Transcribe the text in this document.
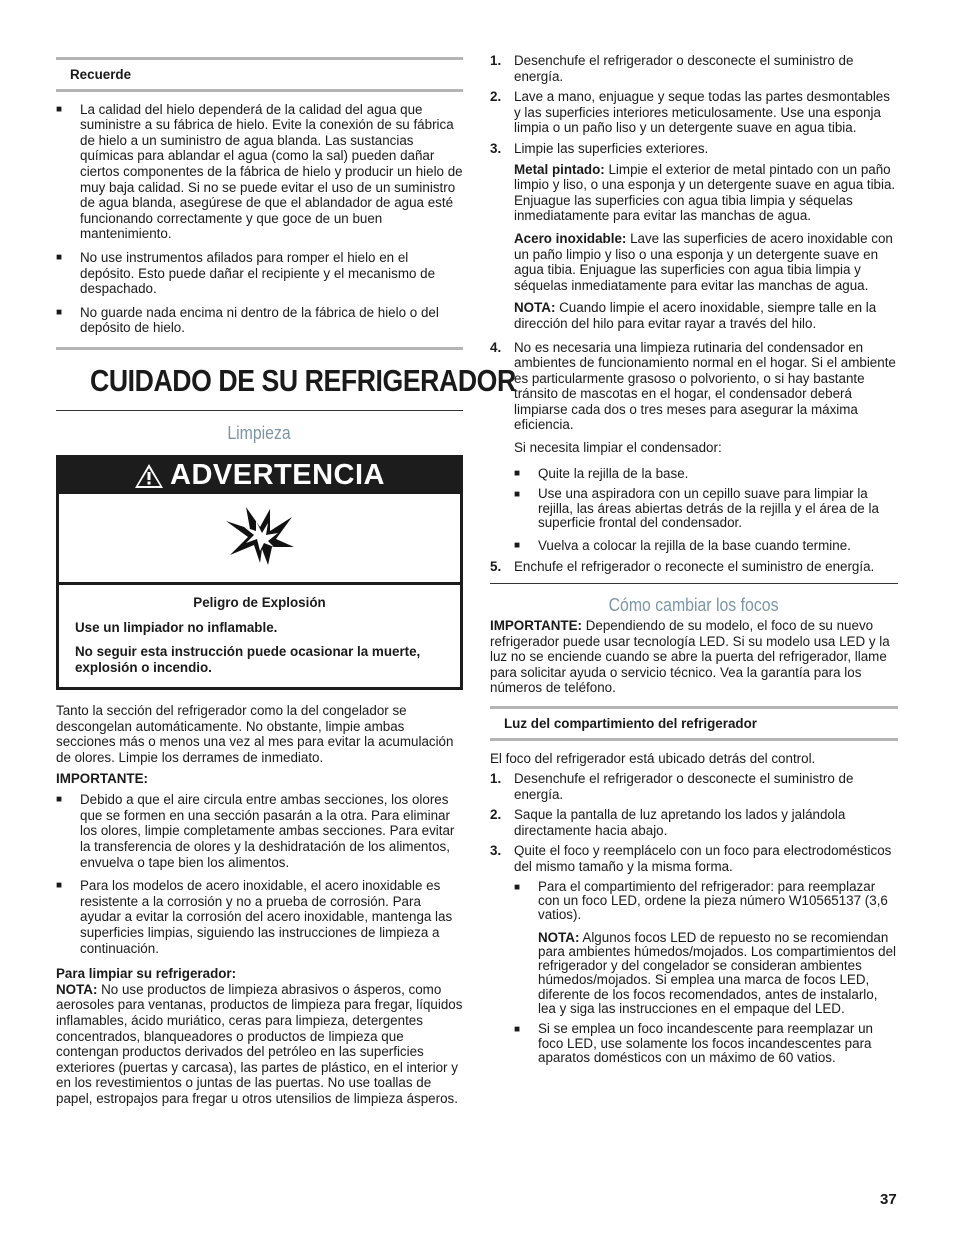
Recuerde
■	La calidad del hielo dependerá de la calidad del agua que suministre a su fábrica de hielo. Evite la conexión de su fábrica de hielo a un suministro de agua blanda. Las sustancias químicas para ablandar el agua (como la sal) pueden dañar ciertos componentes de la fábrica de hielo y producir un hielo de muy baja calidad. Si no se puede evitar el uso de un suministro de agua blanda, asegúrese de que el ablandador de agua esté funcionando correctamente y que goce de un buen mantenimiento.
■	No use instrumentos afilados para romper el hielo en el depósito. Esto puede dañar el recipiente y el mecanismo de despachado.
■	No guarde nada encima ni dentro de la fábrica de hielo o del depósito de hielo.
CUIDADO DE SU REFRIGERADOR
Limpieza
ADVERTENCIA

Peligro de Explosión

Use un limpiador no inflamable.

No seguir esta instrucción puede ocasionar la muerte, explosión o incendio.

Tanto la sección del refrigerador como la del congelador se descongelan automáticamente. No obstante, limpie ambas secciones más o menos una vez al mes para evitar la acumulación de olores. Limpie los derrames de inmediato.

IMPORTANTE:

■	Debido a que el aire circula entre ambas secciones, los olores que se formen en una sección pasarán a la otra. Para eliminar los olores, limpie completamente ambas secciones. Para evitar la transferencia de olores y la deshidratación de los alimentos, envuelva o tape bien los alimentos.
■	Para los modelos de acero inoxidable, el acero inoxidable es resistente a la corrosión y no a prueba de corrosión. Para ayudar a evitar la corrosión del acero inoxidable, mantenga las superficies limpias, siguiendo las instrucciones de limpieza a continuación.

Para limpiar su refrigerador:

NOTA: No use productos de limpieza abrasivos o ásperos, como aerosoles para ventanas, productos de limpieza para fregar, líquidos inflamables, ácido muriático, ceras para limpieza, detergentes concentrados, blanqueadores o productos de limpieza que contengan productos derivados del petróleo en las superficies exteriores (puertas y carcasa), las partes de plástico, en el interior y en los revestimientos o juntas de las puertas. No use toallas de papel, estropajos para fregar u otros utensilios de limpieza ásperos.

1. Desenchufe el refrigerador o desconecte el suministro de energía.
2. Lave a mano, enjuague y seque todas las partes desmontables y las superficies interiores meticulosamente. Use una esponja limpia o un paño liso y un detergente suave en agua tibia.
3. Limpie las superficies exteriores.

Metal pintado: Limpie el exterior de metal pintado con un paño limpio y liso, o una esponja y un detergente suave en agua tibia. Enjuague las superficies con agua tibia limpia y séquelas inmediatamente para evitar las manchas de agua.

Acero inoxidable: Lave las superficies de acero inoxidable con un paño limpio y liso o una esponja y un detergente suave en agua tibia. Enjuague las superficies con agua tibia limpia y séquelas inmediatamente para evitar las manchas de agua.

NOTA: Cuando limpie el acero inoxidable, siempre talle en la dirección del hilo para evitar rayar a través del hilo.

4. No es necesaria una limpieza rutinaria del condensador en ambientes de funcionamiento normal en el hogar. Si el ambiente es particularmente grasoso o polvoriento, o si hay bastante tránsito de mascotas en el hogar, el condensador deberá limpiarse cada dos o tres meses para asegurar la máxima eficiencia.

Si necesita limpiar el condensador:

■	Quite la rejilla de la base.
■	Use una aspiradora con un cepillo suave para limpiar la rejilla, las áreas abiertas detrás de la rejilla y el área de la superficie frontal del condensador.
■	Vuelva a colocar la rejilla de la base cuando termine.
5. Enchufe el refrigerador o reconecte el suministro de energía.
Cómo cambiar los focos

IMPORTANTE: Dependiendo de su modelo, el foco de su nuevo refrigerador puede usar tecnología LED. Si su modelo usa LED y la luz no se enciende cuando se abre la puerta del refrigerador, llame para solicitar ayuda o servicio técnico. Vea la garantía para los números de teléfono.

Luz del compartimiento del refrigerador

El foco del refrigerador está ubicado detrás del control.

1. Desenchufe el refrigerador o desconecte el suministro de energía.
2. Saque la pantalla de luz apretando los lados y jalándola directamente hacia abajo.
3. Quite el foco y reemplácelo con un foco para electrodomésticos del mismo tamaño y la misma forma.
■	Para el compartimiento del refrigerador: para reemplazar con un foco LED, ordene la pieza número W10565137 (3,6 vatios).

NOTA: Algunos focos LED de repuesto no se recomiendan para ambientes húmedos/mojados. Los compartimientos del refrigerador y del congelador se consideran ambientes húmedos/mojados. Si emplea una marca de focos LED, diferente de los focos recomendados, antes de instalarlo, lea y siga las instrucciones en el empaque del LED.

■	Si se emplea un foco incandescente para reemplazar un foco LED, use solamente los focos incandescentes para aparatos domésticos con un máximo de 60 vatios.
37
